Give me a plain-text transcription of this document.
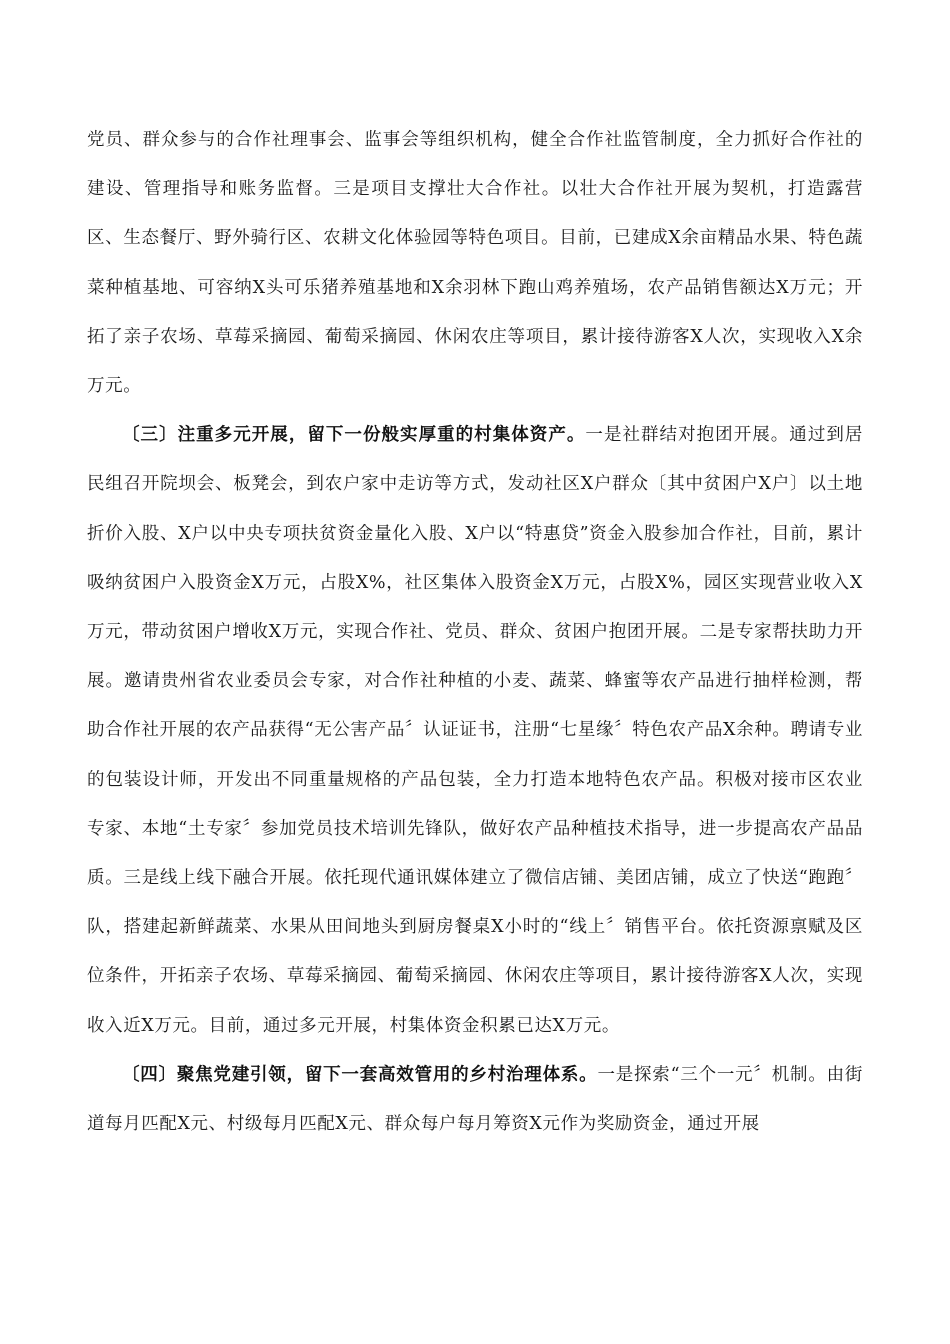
党员、群众参与的合作社理事会、监事会等组织机构，健全合作社监管制度，全力抓好合作社的建设、管理指导和账务监督。三是项目支撑壮大合作社。以壮大合作社开展为契机，打造露营区、生态餐厅、野外骑行区、农耕文化体验园等特色项目。目前，已建成X余亩精品水果、特色蔬菜种植基地、可容纳X头可乐猪养殖基地和X余羽林下跑山鸡养殖场，农产品销售额达X万元；开拓了亲子农场、草莓采摘园、葡萄采摘园、休闲农庄等项目，累计接待游客X人次，实现收入X余万元。

〔三〕注重多元开展，留下一份般实厚重的村集体资产。一是社群结对抱团开展。通过到居民组召开院坝会、板凳会，到农户家中走访等方式，发动社区X户群众〔其中贫困户X户〕以土地折价入股、X户以中央专项扶贫资金量化入股、X户以“特惠贷”资金入股参加合作社，目前，累计吸纳贫困户入股资金X万元，占股X%，社区集体入股资金X万元，占股X%，园区实现营业收入X万元，带动贫困户增收X万元，实现合作社、党员、群众、贫困户抱团开展。二是专家帮扶助力开展。邀请贵州省农业委员会专家，对合作社种植的小麦、蔬菜、蜂蜜等农产品进行抽样检测，帮助合作社开展的农产品获得“无公害产品〞认证证书，注册“七星缘〞特色农产品X余种。聘请专业的包装设计师，开发出不同重量规格的产品包装，全力打造本地特色农产品。积极对接市区农业专家、本地“土专家〞参加党员技术培训先锋队，做好农产品种植技术指导，进一步提高农产品品质。三是线上线下融合开展。依托现代通讯媒体建立了微信店铺、美团店铺，成立了快送“跑跑〞队，搭建起新鲜蔬菜、水果从田间地头到厨房餐桌X小时的“线上〞销售平台。依托资源禀赋及区位条件，开拓亲子农场、草莓采摘园、葡萄采摘园、休闲农庄等项目，累计接待游客X人次，实现收入近X万元。目前，通过多元开展，村集体资金积累已达X万元。

〔四〕聚焦党建引领，留下一套高效管用的乡村治理体系。一是探索“三个一元〞机制。由街道每月匹配X元、村级每月匹配X元、群众每户每月筹资X元作为奖励资金，通过开展
